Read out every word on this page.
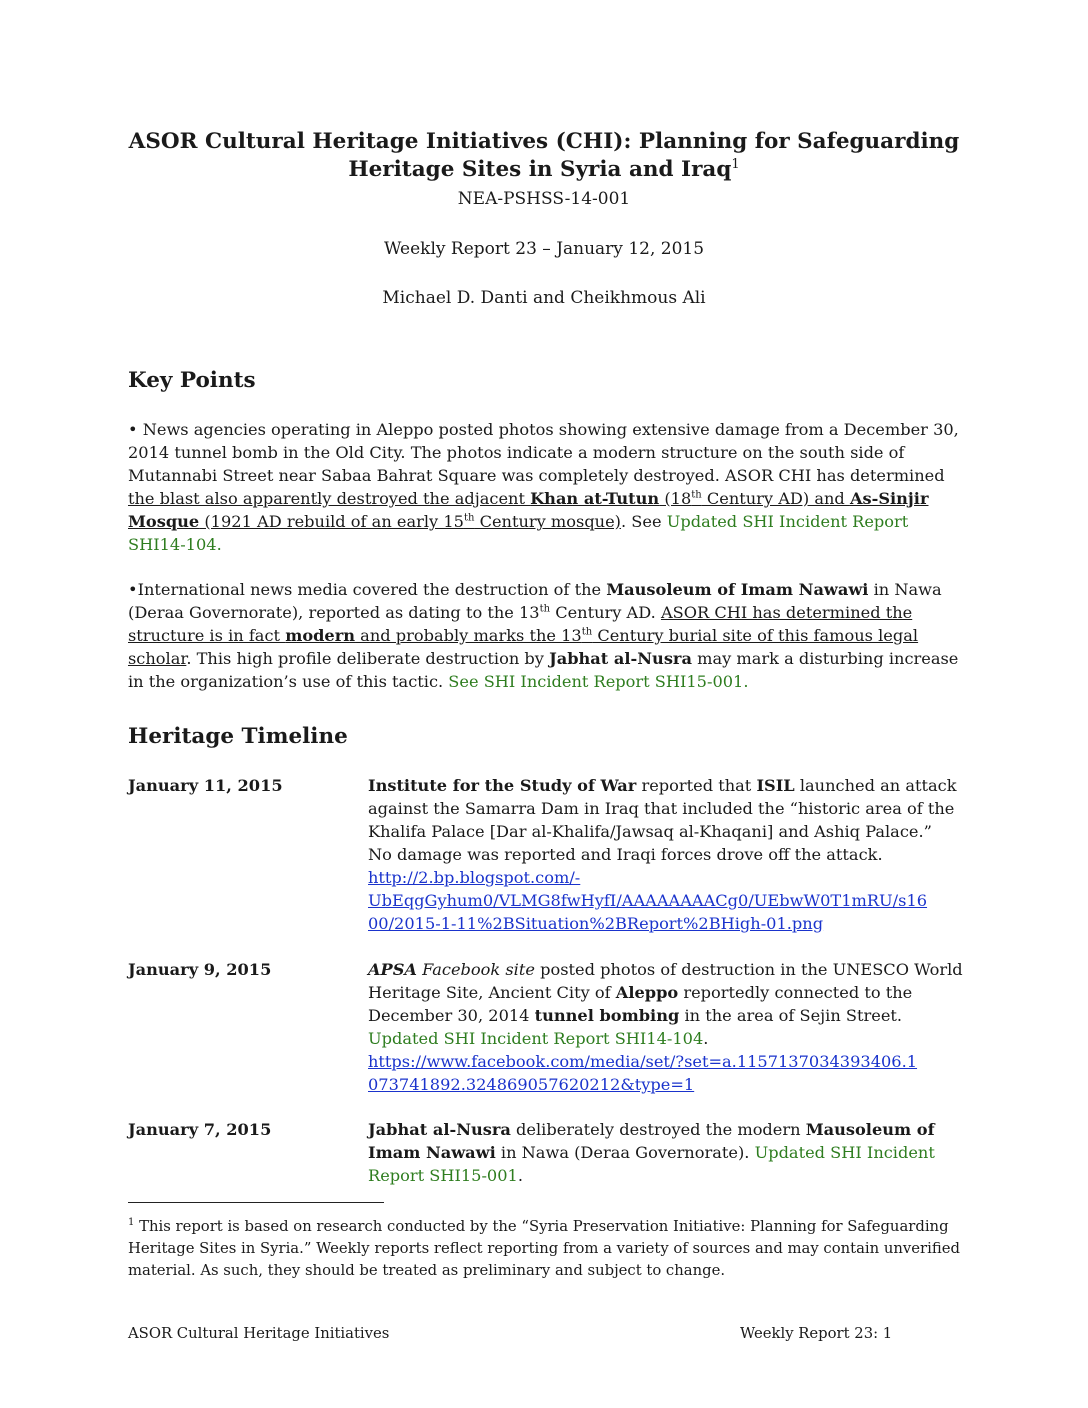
ASOR Cultural Heritage Initiatives (CHI): Planning for Safeguarding
Heritage Sites in Syria and Iraq$^1$
NEA-PSHSS-14-001
Weekly Report 23 – January 12, 2015
Michael D. Danti and Cheikhmous Ali
Key Points

• News agencies operating in Aleppo posted photos showing extensive damage from a December 30, 2014 tunnel bomb in the Old City. The photos indicate a modern structure on the south side of Mutannabi Street near Sabaa Bahrat Square was completely destroyed. ASOR CHI has determined the blast also apparently destroyed the adjacent Khan at-Tutun (18th Century AD) and As-Sinjir Mosque (1921 AD rebuild of an early 15th Century mosque). See Updated SHI Incident Report SHI14-104.

•International news media covered the destruction of the Mausoleum of Imam Nawawi in Nawa (Deraa Governorate), reported as dating to the 13th Century AD. ASOR CHI has determined the structure is in fact modern and probably marks the 13th Century burial site of this famous legal scholar. This high profile deliberate destruction by Jabhat al-Nusra may mark a disturbing increase in the organization’s use of this tactic. See SHI Incident Report SHI15-001.

Heritage Timeline
January 11, 2015	Institute for the Study of War reported that ISIL launched an attack
against the Samarra Dam in Iraq that included the “historic area of the
Khalifa Palace [Dar al-Khalifa/Jawsaq al-Khaqani] and Ashiq Palace.”
No damage was reported and Iraqi forces drove off the attack.
http://2.bp.blogspot.com/-
UbEqgGyhum0/VLMG8fwHyfI/AAAAAAAACg0/UEbwW0T1mRU/s16
00/2015-1-11%2BSituation%2BReport%2BHigh-01.png
January 9, 2015	APSA Facebook site posted photos of destruction in the UNESCO World
Heritage Site, Ancient City of Aleppo reportedly connected to the
December 30, 2014 tunnel bombing in the area of Sejin Street.
Updated SHI Incident Report SHI14-104.
https://www.facebook.com/media/set/?set=a.1157137034393406.1
073741892.324869057620212&type=1
January 7, 2015	Jabhat al-Nusra deliberately destroyed the modern Mausoleum of
Imam Nawawi in Nawa (Deraa Governorate). Updated SHI Incident
Report SHI15-001.
$^1$ This report is based on research conducted by the “Syria Preservation Initiative: Planning for Safeguarding Heritage Sites in Syria.” Weekly reports reflect reporting from a variety of sources and may contain unverified material. As such, they should be treated as preliminary and subject to change.
ASOR Cultural Heritage Initiatives	Weekly Report 23: 1
